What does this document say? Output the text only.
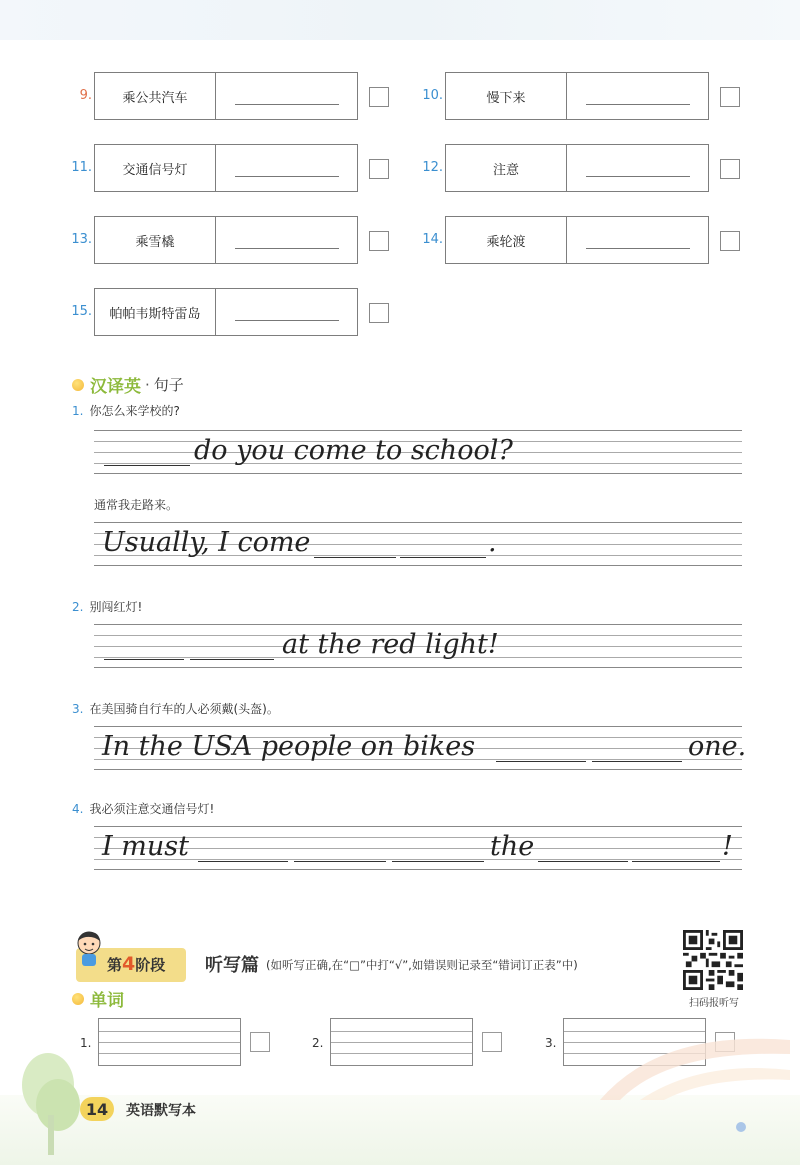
9.	乘公共汽车	10.	慢下来
11.	交通信号灯	12.	注意
13.	乘雪橇	14.	乘轮渡
15.	帕帕韦斯特雷岛
汉译英 · 句子
1. 你怎么来学校的?
do you come to school?
通常我走路来。
Usually, I come	.
2. 别闯红灯!
at the red light!
3. 在美国骑自行车的人必须戴(头盔)。
In the USA people on bikes	one.
4. 我必须注意交通信号灯!
I must	the	!
第4阶段 听写篇 (如听写正确,在“□”中打“√”,如错误则记录至“错词订正表”中)
扫码报听写
单词
1.	2.	3.
14	英语默写本
